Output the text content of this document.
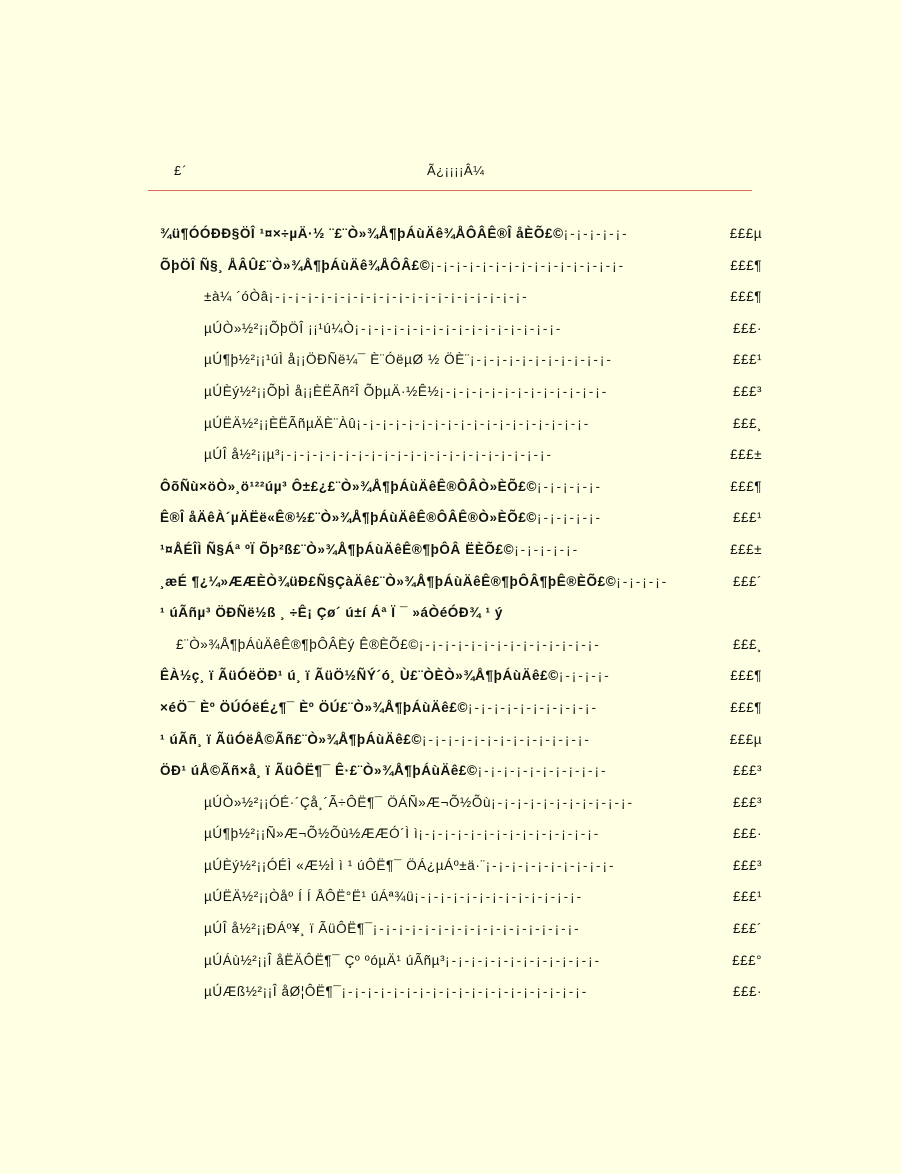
£´	Ã¿¡¡¡¡Â¼
¾ü¶ÓÓÐÐ§ÖÎ ¹¤×÷µÄ·½ ¨£¨Ò»¾Å¶þÁùÄê¾ÅÔÂÊ®Î åÈÕ£©¡-¡-¡-¡-¡-	£££µ
ÕþÖÎ Ñ§¸ ÅÂÛ£¨Ò»¾Å¶þÁùÄê¾ÅÔÂ£©¡-¡-¡-¡-¡-¡-¡-¡-¡-¡-¡-¡-¡-¡-¡-	£££¶
±à¼ ´óÒâ¡-¡-¡-¡-¡-¡-¡-¡-¡-¡-¡-¡-¡-¡-¡-¡-¡-¡-¡-¡-	£££¶
µÚÒ»½²¡¡ÕþÖÎ ¡¡¹ú¼Ò¡-¡-¡-¡-¡-¡-¡-¡-¡-¡-¡-¡-¡-¡-¡-¡-	£££·
µÚ¶þ½²¡¡¹úÌ å¡¡ÖÐÑë¼¯ È¨ÓëµØ ½ ÖÈ¨¡-¡-¡-¡-¡-¡-¡-¡-¡-¡-¡-	£££¹
µÚÈý½²¡¡ÕþÌ å¡¡ÈËÃñ²Î ÕþµÄ·½Ê½¡-¡-¡-¡-¡-¡-¡-¡-¡-¡-¡-¡-¡-	£££³
µÚËÄ½²¡¡ÈËÃñµÄÈ¨Àû¡-¡-¡-¡-¡-¡-¡-¡-¡-¡-¡-¡-¡-¡-¡-¡-¡-¡-	£££¸
µÚÎ å½²¡¡µ³¡-¡-¡-¡-¡-¡-¡-¡-¡-¡-¡-¡-¡-¡-¡-¡-¡-¡-¡-¡-¡-	£££±
ÔõÑù×öÒ»¸ö¹²²úµ³ Ô±£¿£¨Ò»¾Å¶þÁùÄêÊ®ÔÂÒ»ÈÕ£©¡-¡-¡-¡-¡-	£££¶
Ê®Î åÄêÀ´µÄËë«Ê®½£¨Ò»¾Å¶þÁùÄêÊ®ÔÂÊ®Ò»ÈÕ£©¡-¡-¡-¡-¡-	£££¹
¹¤ÅÉÎÌ Ñ§Áª ºÏ Õþ²ß£¨Ò»¾Å¶þÁùÄêÊ®¶þÔÂ ËÈÕ£©¡-¡-¡-¡-¡-	£££±
¸æÉ ¶¿¼»ÆÆÈÒ¾üÐ£Ñ§ÇàÄê£¨Ò»¾Å¶þÁùÄêÊ®¶þÔÂ¶þÊ®ÈÕ£©¡-¡-¡-¡-	£££´
¹ úÃñµ³ ÖÐÑë½ß ¸ ÷Ê¡ Çø´ ú±í Áª Ï ¯ »áÒéÓÐ¾ ¹ ý
£¨Ò»¾Å¶þÁùÄêÊ®¶þÔÂÈý Ê®ÈÕ£©¡-¡-¡-¡-¡-¡-¡-¡-¡-¡-¡-¡-¡-¡-	£££¸
ÊÀ½ç¸ ï ÃüÓëÖÐ¹ ú¸ ï ÃüÖ½ÑÝ´ó¸ Ù£¨ÒÈÒ»¾Å¶þÁùÄê£©¡-¡-¡-¡-	£££¶
×éÖ¯ Èº ÖÚÓëÉ¿¶¯ Èº ÖÚ£¨Ò»¾Å¶þÁùÄê£©¡-¡-¡-¡-¡-¡-¡-¡-¡-¡-	£££¶
¹ úÃñ¸ ï ÃüÓëÅ©Ãñ£¨Ò»¾Å¶þÁùÄê£©¡-¡-¡-¡-¡-¡-¡-¡-¡-¡-¡-¡-¡-	£££µ
ÖÐ¹ úÅ©Ãñ×å¸ ï ÃüÔË¶¯ Ê·£¨Ò»¾Å¶þÁùÄê£©¡-¡-¡-¡-¡-¡-¡-¡-¡-¡-	£££³
µÚÒ»½²¡¡ÓÉ·´Çå¸´Ã÷ÔË¶¯ ÖÁÑ»Æ¬Õ½Õù¡-¡-¡-¡-¡-¡-¡-¡-¡-¡-¡-	£££³
µÚ¶þ½²¡¡Ñ»Æ¬Õ½Õù½ÆÆÓ´Ì ì¡-¡-¡-¡-¡-¡-¡-¡-¡-¡-¡-¡-¡-¡-	£££·
µÚÈý½²¡¡ÓÉÌ «Æ½Ì ì ¹ úÔË¶¯ ÖÁ¿µÁº±ä·¨¡-¡-¡-¡-¡-¡-¡-¡-¡-¡-	£££³
µÚËÄ½²¡¡Òåº Í Í ÅÔË°Ë¹ úÁª¾ü¡-¡-¡-¡-¡-¡-¡-¡-¡-¡-¡-¡-¡-	£££¹
µÚÎ å½²¡¡ÐÁº¥¸ ï ÃüÔË¶¯¡-¡-¡-¡-¡-¡-¡-¡-¡-¡-¡-¡-¡-¡-¡-¡-	£££´
µÚÁù½²¡¡Î åËÄÔË¶¯ Çº ºóµÄ¹ úÃñµ³¡-¡-¡-¡-¡-¡-¡-¡-¡-¡-¡-¡-	£££°
µÚÆß½²¡¡Î åØ¦ÔË¶¯¡-¡-¡-¡-¡-¡-¡-¡-¡-¡-¡-¡-¡-¡-¡-¡-¡-¡-¡-	£££·
